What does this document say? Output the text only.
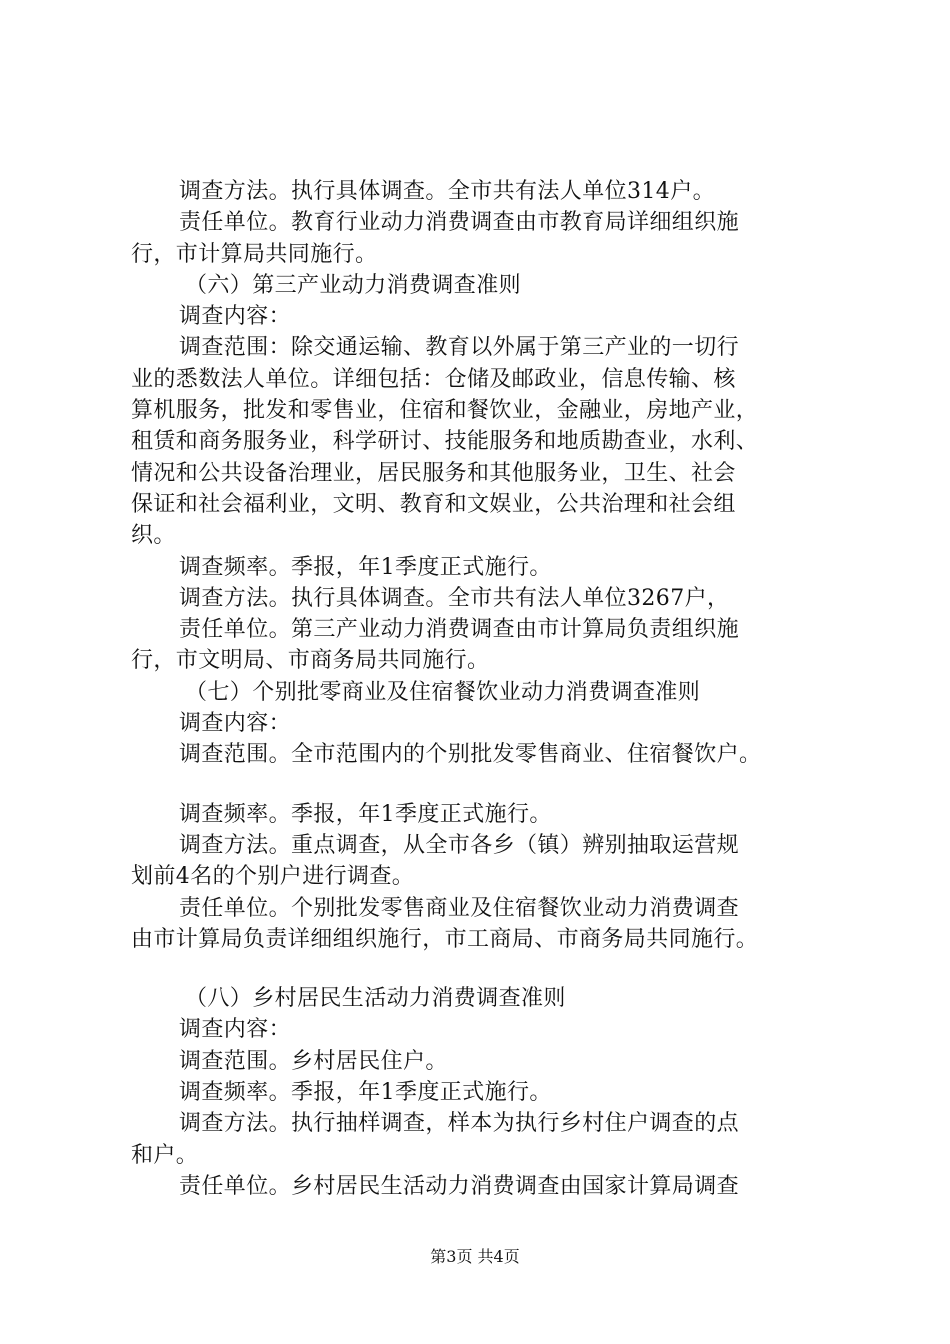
调查方法。执行具体调查。全市共有法人单位314户。
责任单位。教育行业动力消费调查由市教育局详细组织施
行，市计算局共同施行。
（六）第三产业动力消费调查准则
调查内容：
调查范围：除交通运输、教育以外属于第三产业的一切行
业的悉数法人单位。详细包括：仓储及邮政业，信息传输、核
算机服务，批发和零售业，住宿和餐饮业，金融业，房地产业，
租赁和商务服务业，科学研讨、技能服务和地质勘查业，水利、
情况和公共设备治理业，居民服务和其他服务业，卫生、社会
保证和社会福利业，文明、教育和文娱业，公共治理和社会组
织。
调查频率。季报，年1季度正式施行。
调查方法。执行具体调查。全市共有法人单位3267户，
责任单位。第三产业动力消费调查由市计算局负责组织施
行，市文明局、市商务局共同施行。
（七）个别批零商业及住宿餐饮业动力消费调查准则
调查内容：
调查范围。全市范围内的个别批发零售商业、住宿餐饮户。
调查频率。季报，年1季度正式施行。
调查方法。重点调查，从全市各乡（镇）辨别抽取运营规
划前4名的个别户进行调查。
责任单位。个别批发零售商业及住宿餐饮业动力消费调查
由市计算局负责详细组织施行，市工商局、市商务局共同施行。
（八）乡村居民生活动力消费调查准则
调查内容：
调查范围。乡村居民住户。
调查频率。季报，年1季度正式施行。
调查方法。执行抽样调查，样本为执行乡村住户调查的点
和户。
责任单位。乡村居民生活动力消费调查由国家计算局调查
第3页 共4页
